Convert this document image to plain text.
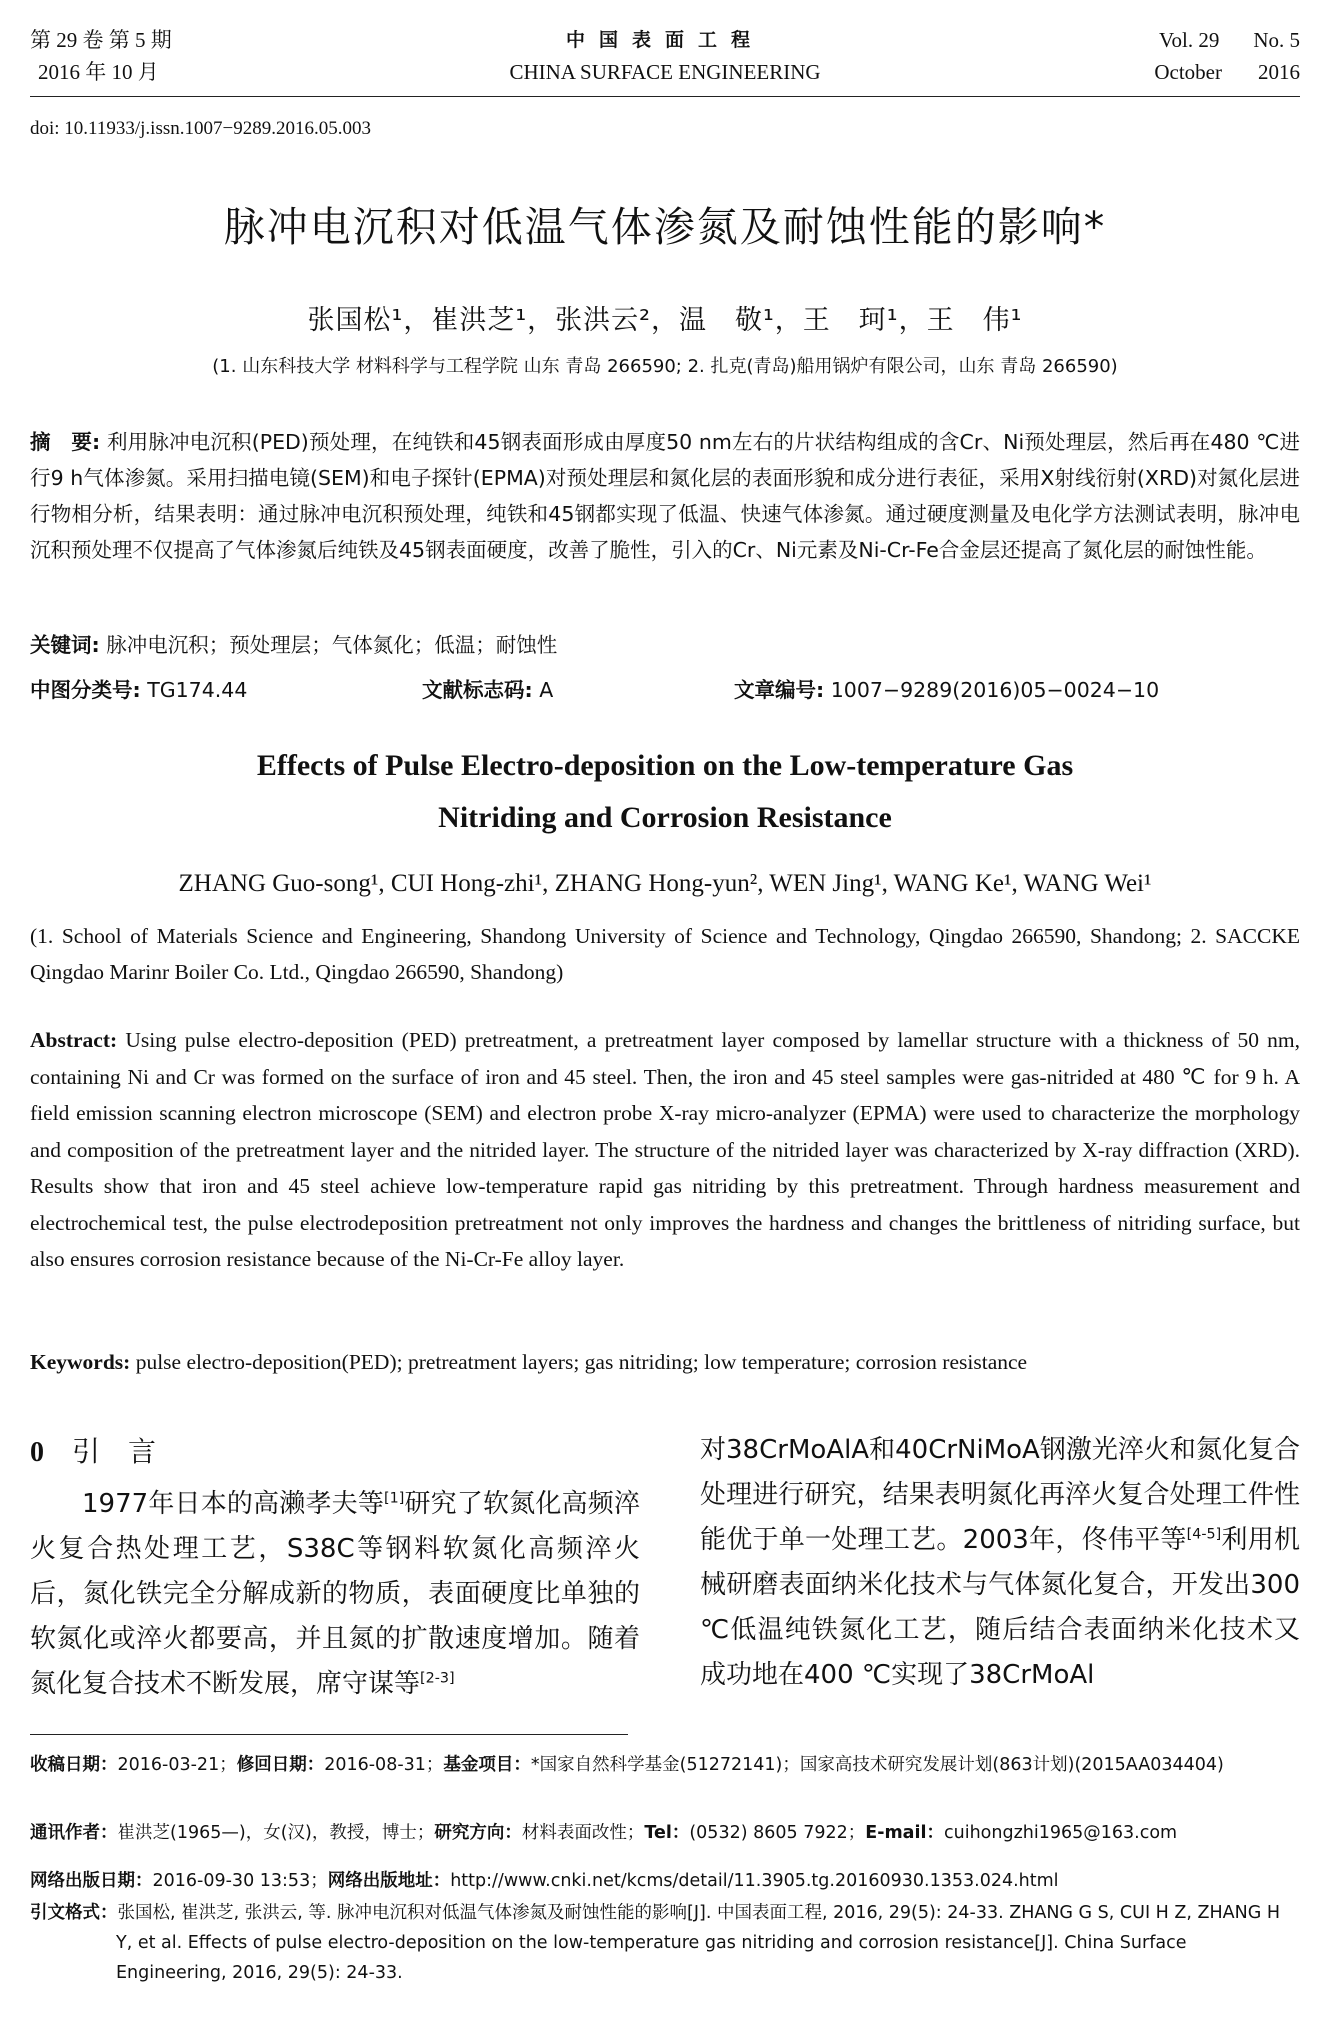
第 29 卷 第 5 期
2016 年 10 月
中国表面工程
CHINA SURFACE ENGINEERING
Vol. 29 No. 5
October 2016
doi: 10.11933/j.issn.1007−9289.2016.05.003
脉冲电沉积对低温气体渗氮及耐蚀性能的影响*
张国松¹，崔洪芝¹，张洪云²，温　敬¹，王　珂¹，王　伟¹
(1. 山东科技大学 材料科学与工程学院 山东 青岛 266590; 2. 扎克(青岛)船用锅炉有限公司，山东 青岛 266590)
摘　要: 利用脉冲电沉积(PED)预处理，在纯铁和45钢表面形成由厚度50 nm左右的片状结构组成的含Cr、Ni预处理层，然后再在480 ℃进行9 h气体渗氮。采用扫描电镜(SEM)和电子探针(EPMA)对预处理层和氮化层的表面形貌和成分进行表征，采用X射线衍射(XRD)对氮化层进行物相分析，结果表明：通过脉冲电沉积预处理，纯铁和45钢都实现了低温、快速气体渗氮。通过硬度测量及电化学方法测试表明，脉冲电沉积预处理不仅提高了气体渗氮后纯铁及45钢表面硬度，改善了脆性，引入的Cr、Ni元素及Ni-Cr-Fe合金层还提高了氮化层的耐蚀性能。
关键词: 脉冲电沉积；预处理层；气体氮化；低温；耐蚀性
中图分类号: TG174.44	文献标志码: A	文章编号: 1007−9289(2016)05−0024−10
Effects of Pulse Electro-deposition on the Low-temperature Gas
Nitriding and Corrosion Resistance
ZHANG Guo-song¹, CUI Hong-zhi¹, ZHANG Hong-yun², WEN Jing¹, WANG Ke¹, WANG Wei¹
(1. School of Materials Science and Engineering, Shandong University of Science and Technology, Qingdao 266590, Shandong; 2. SACCKE Qingdao Marinr Boiler Co. Ltd., Qingdao 266590, Shandong)
Abstract: Using pulse electro-deposition (PED) pretreatment, a pretreatment layer composed by lamellar structure with a thickness of 50 nm, containing Ni and Cr was formed on the surface of iron and 45 steel. Then, the iron and 45 steel samples were gas-nitrided at 480 ℃ for 9 h. A field emission scanning electron microscope (SEM) and electron probe X-ray micro-analyzer (EPMA) were used to characterize the morphology and composition of the pretreatment layer and the nitrided layer. The structure of the nitrided layer was characterized by X-ray diffraction (XRD). Results show that iron and 45 steel achieve low-temperature rapid gas nitriding by this pretreatment. Through hardness measurement and electrochemical test, the pulse electrodeposition pretreatment not only improves the hardness and changes the brittleness of nitriding surface, but also ensures corrosion resistance because of the Ni-Cr-Fe alloy layer.
Keywords: pulse electro-deposition(PED); pretreatment layers; gas nitriding; low temperature; corrosion resistance
0 引　言
1977年日本的高濑孝夫等[1]研究了软氮化高频淬火复合热处理工艺，S38C等钢料软氮化高频淬火后，氮化铁完全分解成新的物质，表面硬度比单独的软氮化或淬火都要高，并且氮的扩散速度增加。随着氮化复合技术不断发展，席守谋等[2-3]
对38CrMoAlA和40CrNiMoA钢激光淬火和氮化复合处理进行研究，结果表明氮化再淬火复合处理工件性能优于单一处理工艺。2003年，佟伟平等[4-5]利用机械研磨表面纳米化技术与气体氮化复合，开发出300 ℃低温纯铁氮化工艺，随后结合表面纳米化技术又成功地在400 ℃实现了38CrMoAl
收稿日期：2016-03-21；修回日期：2016-08-31；基金项目：*国家自然科学基金(51272141)；国家高技术研究发展计划(863计划)(2015AA034404)
通讯作者：崔洪芝(1965—)，女(汉)，教授，博士；研究方向：材料表面改性；Tel：(0532) 8605 7922；E-mail：cuihongzhi1965@163.com
网络出版日期：2016-09-30 13:53；网络出版地址：http://www.cnki.net/kcms/detail/11.3905.tg.20160930.1353.024.html
引文格式：张国松, 崔洪芝, 张洪云, 等. 脉冲电沉积对低温气体渗氮及耐蚀性能的影响[J]. 中国表面工程, 2016, 29(5): 24-33. ZHANG G S, CUI H Z, ZHANG H Y, et al. Effects of pulse electro-deposition on the low-temperature gas nitriding and corrosion resistance[J]. China Surface Engineering, 2016, 29(5): 24-33.
